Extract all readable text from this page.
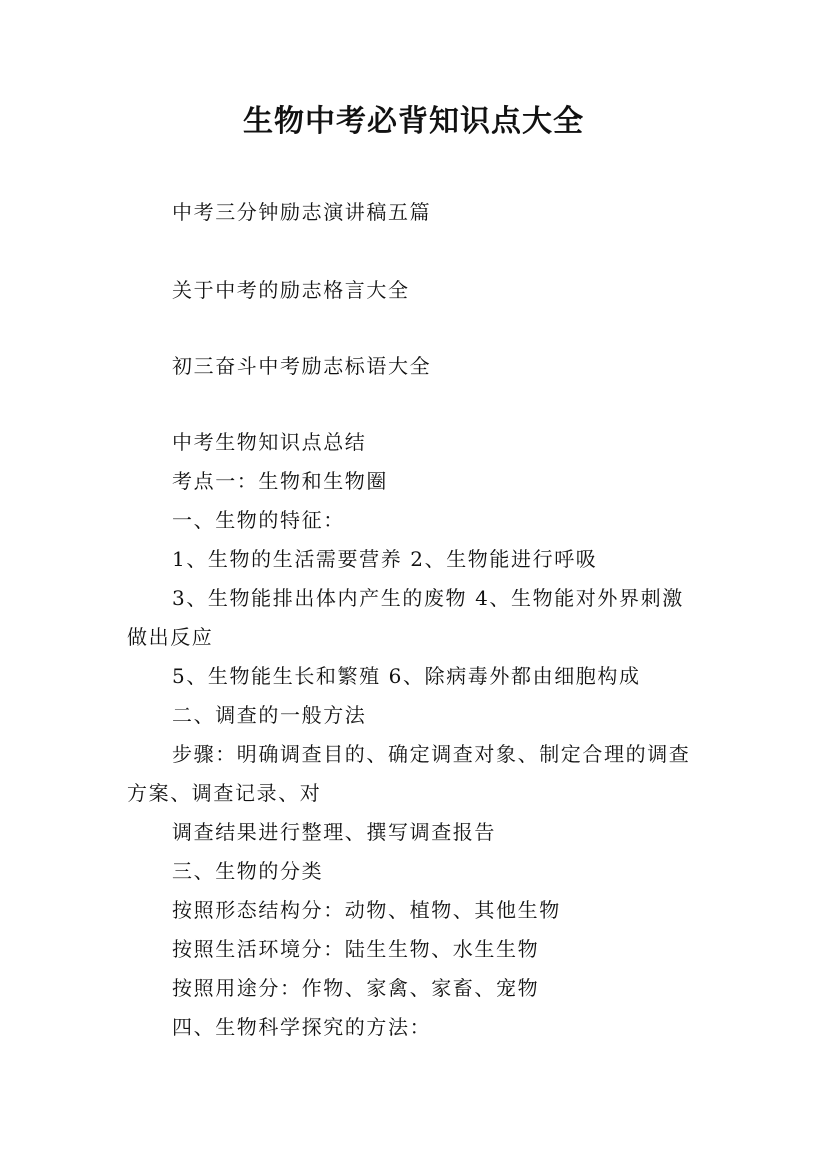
生物中考必背知识点大全
中考三分钟励志演讲稿五篇
关于中考的励志格言大全
初三奋斗中考励志标语大全
中考生物知识点总结
考点一：生物和生物圈
一、生物的特征：
1、生物的生活需要营养 2、生物能进行呼吸
3、生物能排出体内产生的废物 4、生物能对外界刺激
做出反应
5、生物能生长和繁殖 6、除病毒外都由细胞构成
二、调查的一般方法
步骤：明确调查目的、确定调查对象、制定合理的调查
方案、调查记录、对
调查结果进行整理、撰写调查报告
三、生物的分类
按照形态结构分：动物、植物、其他生物
按照生活环境分：陆生生物、水生生物
按照用途分：作物、家禽、家畜、宠物
四、生物科学探究的方法：
